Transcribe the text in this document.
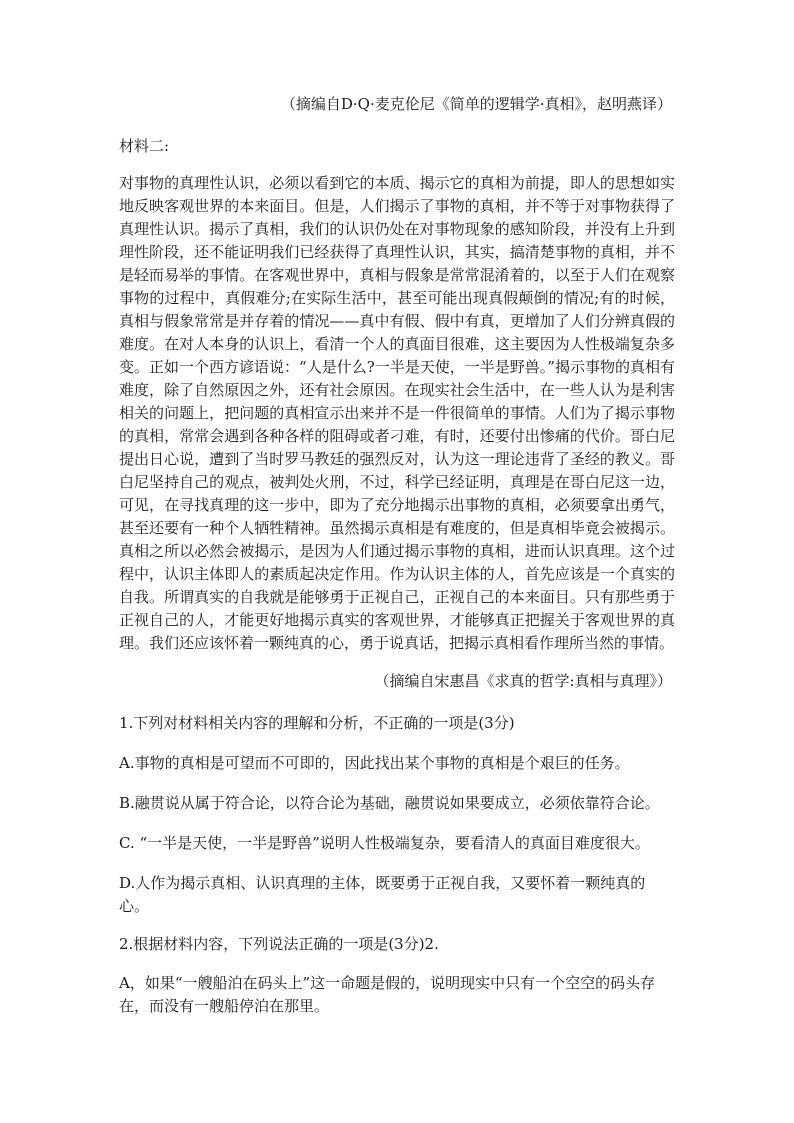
（摘编自D·Q·麦克伦尼《简单的逻辑学·真相》，赵明燕译）
材料二:
对事物的真理性认识，必须以看到它的本质、揭示它的真相为前提，即人的思想如实地反映客观世界的本来面目。但是，人们揭示了事物的真相，并不等于对事物获得了真理性认识。揭示了真相，我们的认识仍处在对事物现象的感知阶段，并没有上升到理性阶段，还不能证明我们已经获得了真理性认识，其实，搞清楚事物的真相，并不是轻而易举的事情。在客观世界中，真相与假象是常常混淆着的，以至于人们在观察事物的过程中，真假难分;在实际生活中，甚至可能出现真假颠倒的情况;有的时候，真相与假象常常是并存着的情况——真中有假、假中有真，更增加了人们分辨真假的难度。在对人本身的认识上，看清一个人的真面目很难，这主要因为人性极端复杂多变。正如一个西方谚语说：“人是什么?一半是天使，一半是野兽。”揭示事物的真相有难度，除了自然原因之外，还有社会原因。在现实社会生活中，在一些人认为是利害相关的问题上，把问题的真相宣示出来并不是一件很简单的事情。人们为了揭示事物的真相，常常会遇到各种各样的阻碍或者刁难，有时，还要付出惨痛的代价。哥白尼提出日心说，遭到了当时罗马教廷的强烈反对，认为这一理论违背了圣经的教义。哥白尼坚持自己的观点，被判处火刑，不过，科学已经证明，真理是在哥白尼这一边，可见，在寻找真理的这一步中，即为了充分地揭示出事物的真相，必须要拿出勇气，甚至还要有一种个人牺牲精神。虽然揭示真相是有难度的，但是真相毕竟会被揭示。真相之所以必然会被揭示，是因为人们通过揭示事物的真相，进而认识真理。这个过程中，认识主体即人的素质起决定作用。作为认识主体的人，首先应该是一个真实的自我。所谓真实的自我就是能够勇于正视自己，正视自己的本来面目。只有那些勇于正视自己的人，才能更好地揭示真实的客观世界，才能够真正把握关于客观世界的真理。我们还应该怀着一颗纯真的心，勇于说真话，把揭示真相看作理所当然的事情。
（摘编自宋惠昌《求真的哲学:真相与真理》）
1.下列对材料相关内容的理解和分析，不正确的一项是(3分)
A.事物的真相是可望而不可即的，因此找出某个事物的真相是个艰巨的任务。
B.融贯说从属于符合论，以符合论为基础，融贯说如果要成立，必须依靠符合论。
C. “一半是天使，一半是野兽”说明人性极端复杂，要看清人的真面目难度很大。
D.人作为揭示真相、认识真理的主体，既要勇于正视自我，又要怀着一颗纯真的心。
2.根据材料内容，下列说法正确的一项是(3分)2.
A，如果“一艘船泊在码头上”这一命题是假的，说明现实中只有一个空空的码头存在，而没有一艘船停泊在那里。
